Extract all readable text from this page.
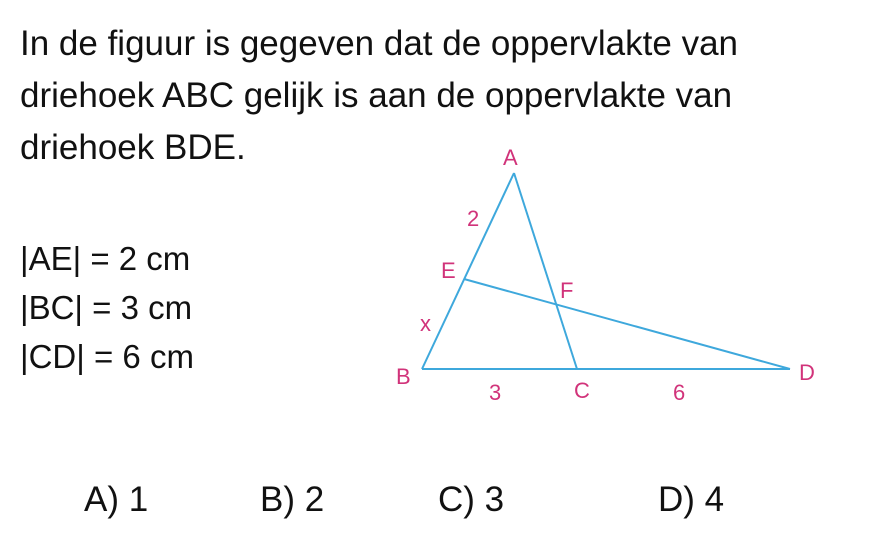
In de figuur is gegeven dat de oppervlakte van driehoek ABC gelijk is aan de oppervlakte van driehoek BDE.

|AE| = 2 cm
|BC| = 3 cm
|CD| = 6 cm
A
B
C
D
E
F
2
x
3	6
A) 1	B) 2	C) 3	D) 4
